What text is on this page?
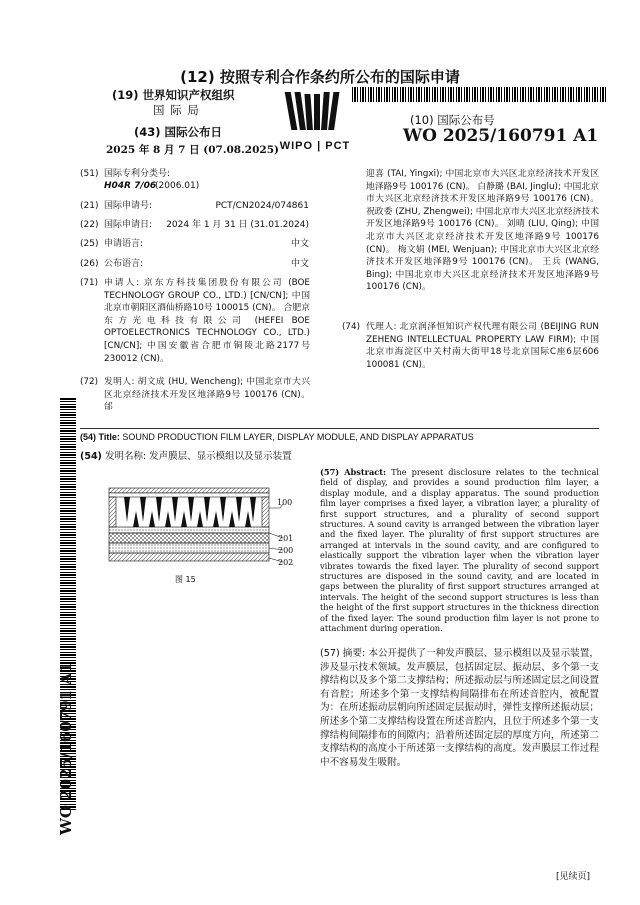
(12) 按照专利合作条约所公布的国际申请
(19) 世界知识产权组织
国 际 局
(43) 国际公布日
2025 年 8 月 7 日 (07.08.2025) WIPO | PCT
(10) 国际公布号
WO 2025/160791 A1
(51) 国际专利分类号:
H04R 7/06
(2006.01)
(21) 国际申请号:	PCT/CN2024/074861
(22) 国际申请日: 2024 年 1 月 31 日 (31.01.2024)
(25) 申请语言:	中文
(26) 公布语言:	中文
(71) 申请人: 京东方科技集团股份有限公司 (BOE TECHNOLOGY GROUP CO., LTD.) [CN/CN]; 中国北京市朝阳区酒仙桥路10号 100015 (CN)。 合肥京东方光电科技有限公司 (HEFEI BOE OPTOELECTRONICS TECHNOLOGY CO., LTD.) [CN/CN]; 中国安徽省合肥市铜陵北路2177号 230012 (CN)。
(72) 发明人: 胡文成 (HU, Wencheng); 中国北京市大兴区北京经济技术开发区地泽路9号 100176 (CN)。 邰
迎喜 (TAI, Yingxi); 中国北京市大兴区北京经济技术开发区地泽路9号 100176 (CN)。 白静璐 (BAI, Jinglu); 中国北京市大兴区北京经济技术开发区地泽路9号 100176 (CN)。 祝政委 (ZHU, Zhengwei); 中国北京市大兴区北京经济技术开发区地泽路9号 100176 (CN)。 刘晴 (LIU, Qing); 中国北京市大兴区北京经济技术开发区地泽路9号 100176 (CN)。 梅文娟 (MEI, Wenjuan); 中国北京市大兴区北京经济技术开发区地泽路9号 100176 (CN)。 王兵 (WANG, Bing); 中国北京市大兴区北京经济技术开发区地泽路9号 100176 (CN)。
(74) 代理人: 北京润泽恒知识产权代理有限公司 (BEIJING RUN ZEHENG INTELLECTUAL PROPERTY LAW FIRM); 中国北京市海淀区中关村南大街甲18号北京国际C座6层606 100081 (CN)。
(54) Title: SOUND PRODUCTION FILM LAYER, DISPLAY MODULE, AND DISPLAY APPARATUS
(54) 发明名称: 发声膜层、显示模组以及显示装置
100
201
200
202
图 15
(57) Abstract: The present disclosure relates to the technical field of display, and provides a sound production film layer, a display module, and a display apparatus. The sound production film layer comprises a fixed layer, a vibration layer, a plurality of first support structures, and a plurality of second support structures. A sound cavity is arranged between the vibration layer and the fixed layer. The plurality of first support structures are arranged at intervals in the sound cavity, and are configured to elastically support the vibration layer when the vibration layer vibrates towards the fixed layer. The plurality of second support structures are disposed in the sound cavity, and are located in gaps between the plurality of first support structures arranged at intervals. The height of the second support structures is less than the height of the first support structures in the thickness direction of the fixed layer. The sound production film layer is not prone to attachment during operation.
(57) 摘要: 本公开提供了一种发声膜层、显示模组以及显示装置，涉及显示技术领域。发声膜层，包括固定层、振动层、多个第一支撑结构以及多个第二支撑结构；所述振动层与所述固定层之间设置有音腔；所述多个第一支撑结构间隔排布在所述音腔内，被配置为：在所述振动层朝向所述固定层振动时，弹性支撑所述振动层；所述多个第二支撑结构设置在所述音腔内，且位于所述多个第一支撑结构间隔排布的间隙内；沿着所述固定层的厚度方向，所述第二支撑结构的高度小于所述第一支撑结构的高度。发声膜层工作过程中不容易发生吸附。
WO 2025/160791 A1
[见续页]
